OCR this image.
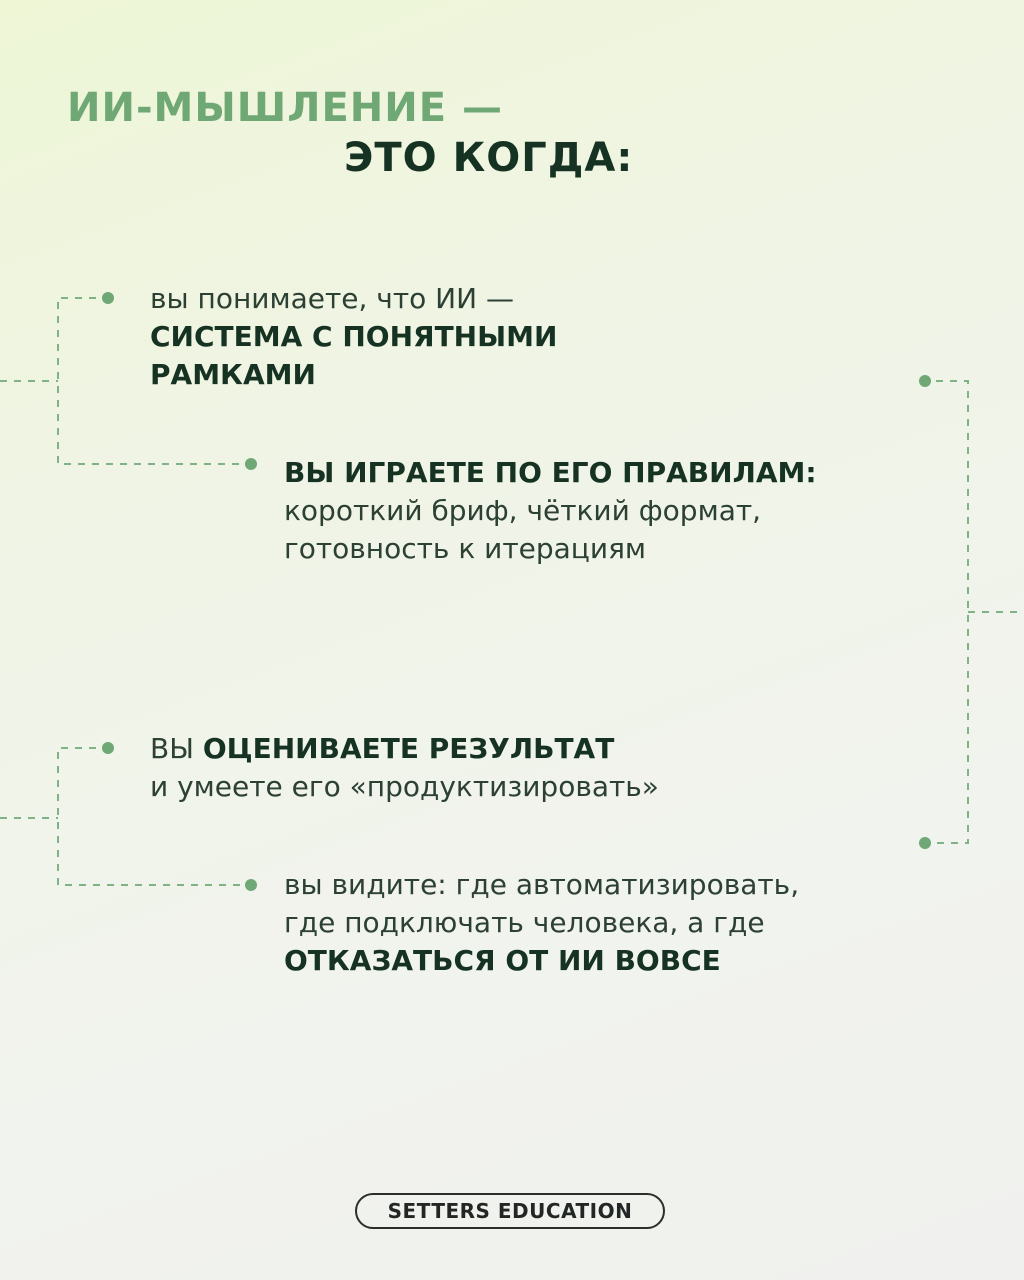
ИИ-МЫШЛЕНИЕ —
ЭТО КОГДА:
вы понимаете, что ИИ —
СИСТЕМА С ПОНЯТНЫМИ
РАМКАМИ
ВЫ ИГРАЕТЕ ПО ЕГО ПРАВИЛАМ:
короткий бриф, чёткий формат,
готовность к итерациям
ВЫ ОЦЕНИВАЕТЕ РЕЗУЛЬТАТ
и умеете его «продуктизировать»
вы видите: где автоматизировать,
где подключать человека, а где
ОТКАЗАТЬСЯ ОТ ИИ ВОВСЕ
SETTERS EDUCATION
